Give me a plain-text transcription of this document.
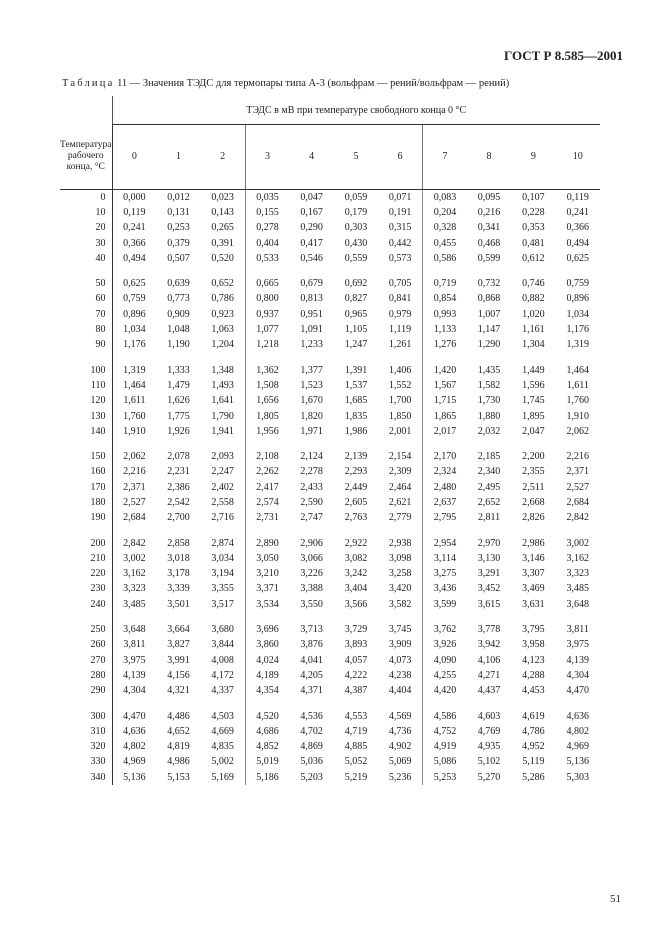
ГОСТ Р 8.585—2001
Таблица 11 — Значения ТЭДС для термопары типа А-3 (вольфрам — рений/вольфрам — рений)
	ТЭДС в мВ при температуре свободного конца 0 °С										
Температура рабочего конца, °С	0	1	2	3	4	5	6	7	8	9	10
0	0,000	0,012	0,023	0,035	0,047	0,059	0,071	0,083	0,095	0,107	0,119
10	0,119	0,131	0,143	0,155	0,167	0,179	0,191	0,204	0,216	0,228	0,241
20	0,241	0,253	0,265	0,278	0,290	0,303	0,315	0,328	0,341	0,353	0,366
30	0,366	0,379	0,391	0,404	0,417	0,430	0,442	0,455	0,468	0,481	0,494
40	0,494	0,507	0,520	0,533	0,546	0,559	0,573	0,586	0,599	0,612	0,625

50	0,625	0,639	0,652	0,665	0,679	0,692	0,705	0,719	0,732	0,746	0,759
60	0,759	0,773	0,786	0,800	0,813	0,827	0,841	0,854	0,868	0,882	0,896
70	0,896	0,909	0,923	0,937	0,951	0,965	0,979	0,993	1,007	1,020	1,034
80	1,034	1,048	1,063	1,077	1,091	1,105	1,119	1,133	1,147	1,161	1,176
90	1,176	1,190	1,204	1,218	1,233	1,247	1,261	1,276	1,290	1,304	1,319

100	1,319	1,333	1,348	1,362	1,377	1,391	1,406	1,420	1,435	1,449	1,464
110	1,464	1,479	1,493	1,508	1,523	1,537	1,552	1,567	1,582	1,596	1,611
120	1,611	1,626	1,641	1,656	1,670	1,685	1,700	1,715	1,730	1,745	1,760
130	1,760	1,775	1,790	1,805	1,820	1,835	1,850	1,865	1,880	1,895	1,910
140	1,910	1,926	1,941	1,956	1,971	1,986	2,001	2,017	2,032	2,047	2,062

150	2,062	2,078	2,093	2,108	2,124	2,139	2,154	2,170	2,185	2,200	2,216
160	2,216	2,231	2,247	2,262	2,278	2,293	2,309	2,324	2,340	2,355	2,371
170	2,371	2,386	2,402	2,417	2,433	2,449	2,464	2,480	2,495	2,511	2,527
180	2,527	2,542	2,558	2,574	2,590	2,605	2,621	2,637	2,652	2,668	2,684
190	2,684	2,700	2,716	2,731	2,747	2,763	2,779	2,795	2,811	2,826	2,842

200	2,842	2,858	2,874	2,890	2,906	2,922	2,938	2,954	2,970	2,986	3,002
210	3,002	3,018	3,034	3,050	3,066	3,082	3,098	3,114	3,130	3,146	3,162
220	3,162	3,178	3,194	3,210	3,226	3,242	3,258	3,275	3,291	3,307	3,323
230	3,323	3,339	3,355	3,371	3,388	3,404	3,420	3,436	3,452	3,469	3,485
240	3,485	3,501	3,517	3,534	3,550	3,566	3,582	3,599	3,615	3,631	3,648

250	3,648	3,664	3,680	3,696	3,713	3,729	3,745	3,762	3,778	3,795	3,811
260	3,811	3,827	3,844	3,860	3,876	3,893	3,909	3,926	3,942	3,958	3,975
270	3,975	3,991	4,008	4,024	4,041	4,057	4,073	4,090	4,106	4,123	4,139
280	4,139	4,156	4,172	4,189	4,205	4,222	4,238	4,255	4,271	4,288	4,304
290	4,304	4,321	4,337	4,354	4,371	4,387	4,404	4,420	4,437	4,453	4,470

300	4,470	4,486	4,503	4,520	4,536	4,553	4,569	4,586	4,603	4,619	4,636
310	4,636	4,652	4,669	4,686	4,702	4,719	4,736	4,752	4,769	4,786	4,802
320	4,802	4,819	4,835	4,852	4,869	4,885	4,902	4,919	4,935	4,952	4,969
330	4,969	4,986	5,002	5,019	5,036	5,052	5,069	5,086	5,102	5,119	5,136
340	5,136	5,153	5,169	5,186	5,203	5,219	5,236	5,253	5,270	5,286	5,303
51
